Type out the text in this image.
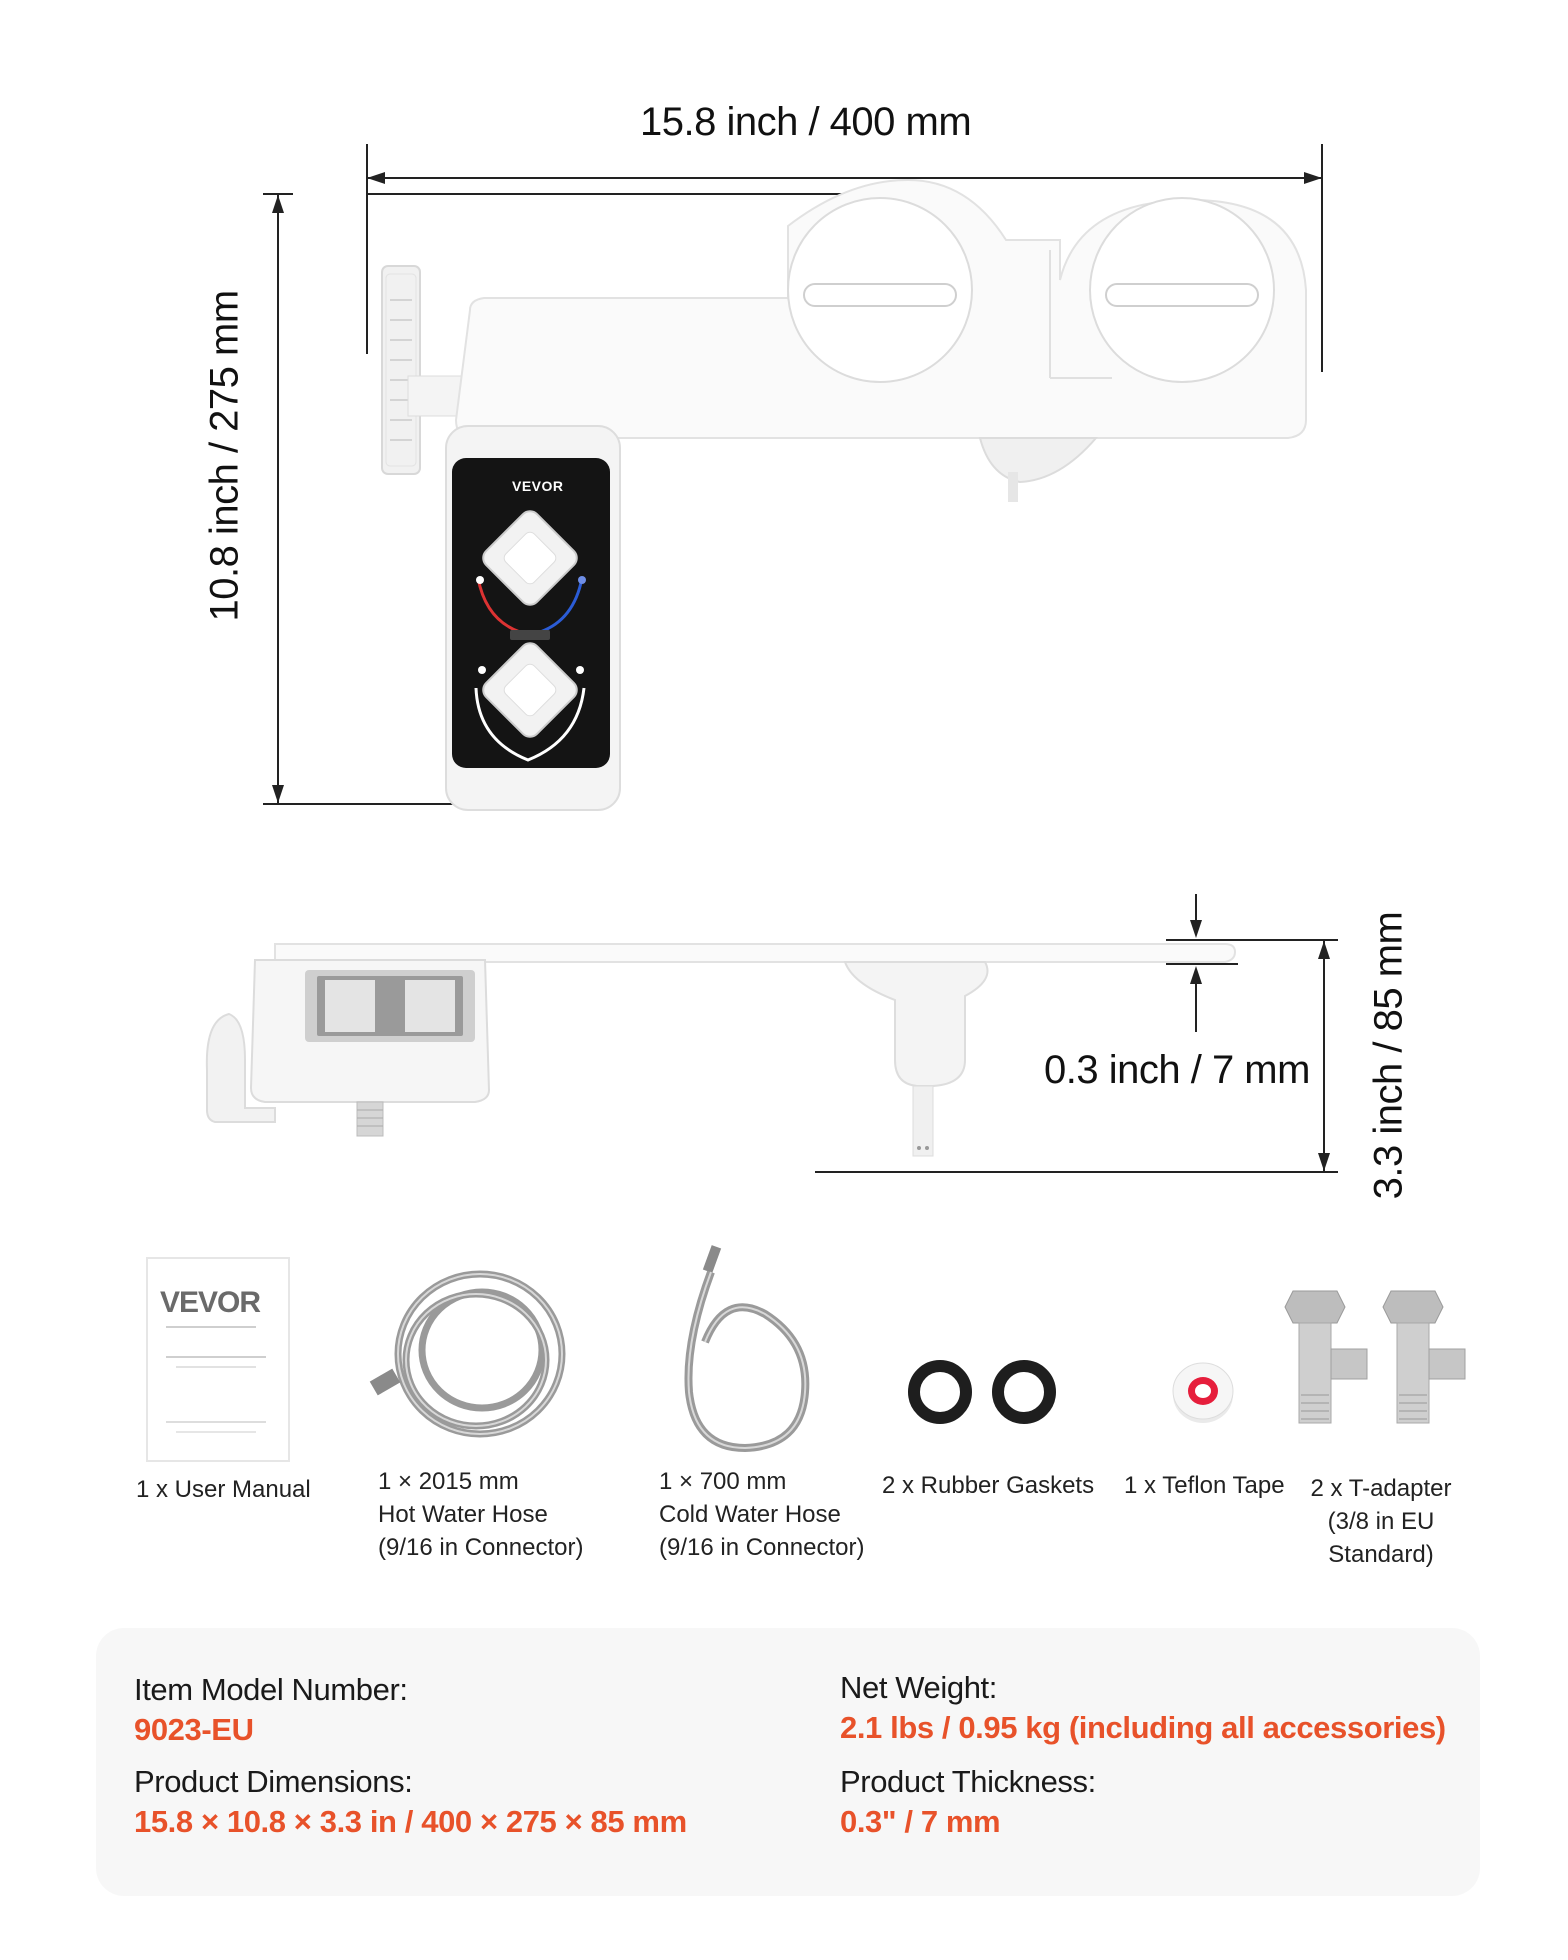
15.8 inch / 400 mm
10.8 inch / 275 mm	VEVOR
0.3 inch / 7 mm 3.3 inch / 85 mm
VEVOR
1 x User Manual	1 × 2015 mm
Hot Water Hose
(9/16 in Connector)
1 × 700 mm
Cold Water Hose
(9/16 in Connector)
2 x Rubber Gaskets 1 x Teflon Tape 2 x T-adapter
(3/8 in EU
Standard)
Item Model Number:
9023-EU
Product Dimensions:
15.8 × 10.8 × 3.3 in / 400 × 275 × 85 mm
Net Weight:
2.1 lbs / 0.95 kg (including all accessories)
Product Thickness:
0.3" / 7 mm
